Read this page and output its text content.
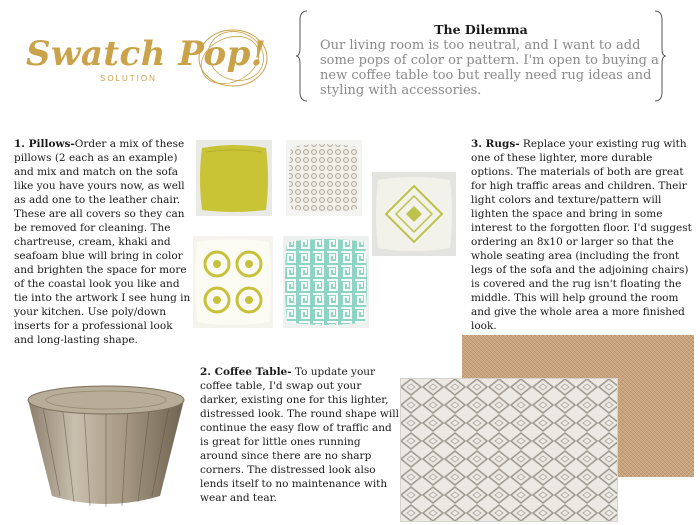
Swatch Pop!
SOLUTION
The Dilemma
Our living room is too neutral, and I want to add some pops of color or pattern. I'm open to buying a new coffee table too but really need rug ideas and styling with accessories.
1. Pillows-Order a mix of these pillows (2 each as an example) and mix and match on the sofa like you have yours now, as well as add one to the leather chair. These are all covers so they can be removed for cleaning. The chartreuse, cream, khaki and seafoam blue will bring in color and brighten the space for more of the coastal look you like and tie into the artwork I see hung in your kitchen. Use poly/down inserts for a professional look and long-lasting shape.
3. Rugs- Replace your existing rug with one of these lighter, more durable options. The materials of both are great for high traffic areas and children. Their light colors and texture/pattern will lighten the space and bring in some interest to the forgotten floor. I'd suggest ordering an 8x10 or larger so that the whole seating area (including the front legs of the sofa and the adjoining chairs) is covered and the rug isn't floating the middle. This will help ground the room and give the whole area a more finished look.
2. Coffee Table- To update your coffee table, I'd swap out your darker, existing one for this lighter, distressed look. The round shape will continue the easy flow of traffic and is great for little ones running around since there are no sharp corners. The distressed look also lends itself to no maintenance with wear and tear.
